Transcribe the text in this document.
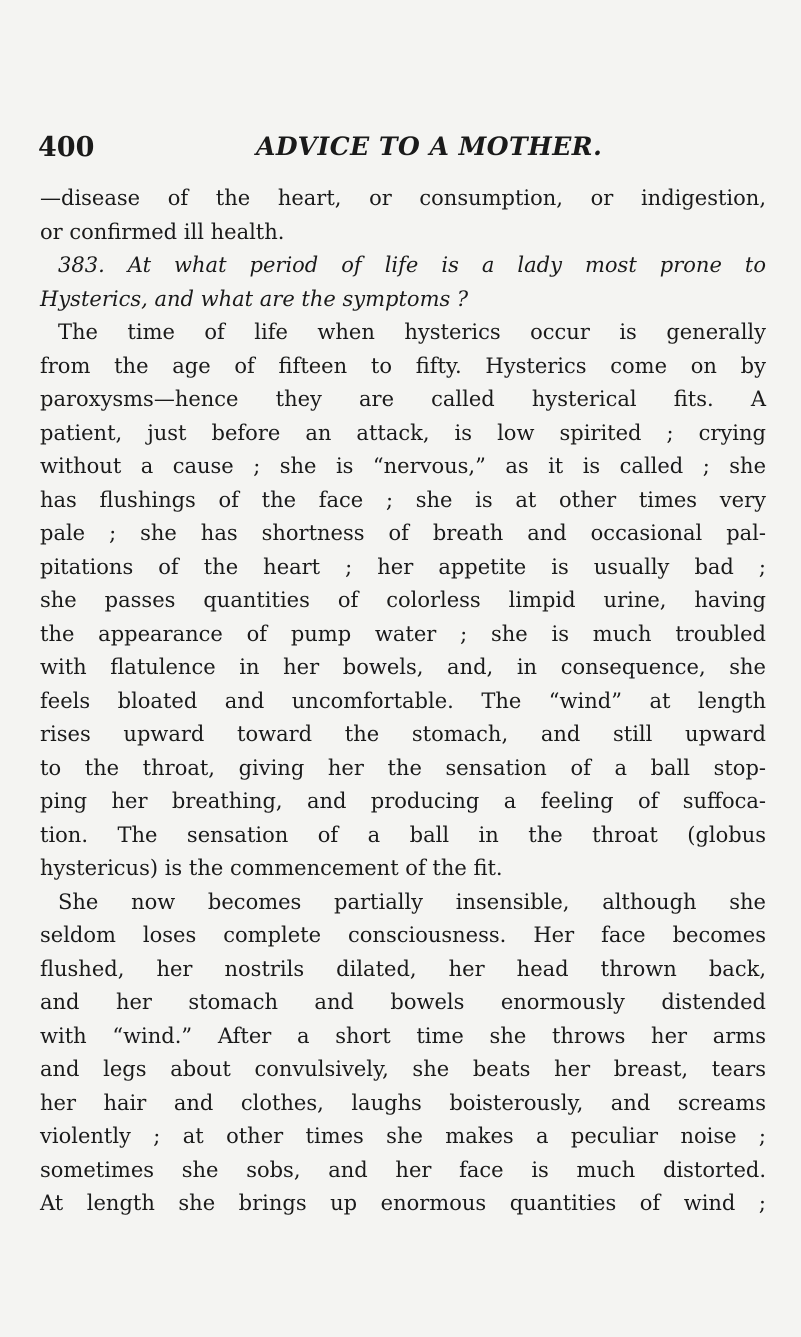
400	ADVICE TO A MOTHER.
—disease of the heart, or consumption, or indigestion,
or confirmed ill health.
383. At what period of life is a lady most prone to
Hysterics, and what are the symptoms ?
The time of life when hysterics occur is generally
from the age of fifteen to fifty. Hysterics come on by
paroxysms—hence they are called hysterical fits. A
patient, just before an attack, is low spirited ; crying
without a cause ; she is “nervous,” as it is called ; she
has flushings of the face ; she is at other times very
pale ; she has shortness of breath and occasional pal-
pitations of the heart ; her appetite is usually bad ;
she passes quantities of colorless limpid urine, having
the appearance of pump water ; she is much troubled
with flatulence in her bowels, and, in consequence, she
feels bloated and uncomfortable. The “wind” at length
rises upward toward the stomach, and still upward
to the throat, giving her the sensation of a ball stop-
ping her breathing, and producing a feeling of suffoca-
tion. The sensation of a ball in the throat (globus
hystericus) is the commencement of the fit.
She now becomes partially insensible, although she
seldom loses complete consciousness. Her face becomes
flushed, her nostrils dilated, her head thrown back,
and her stomach and bowels enormously distended
with “wind.” After a short time she throws her arms
and legs about convulsively, she beats her breast, tears
her hair and clothes, laughs boisterously, and screams
violently ; at other times she makes a peculiar noise ;
sometimes she sobs, and her face is much distorted.
At length she brings up enormous quantities of wind ;
